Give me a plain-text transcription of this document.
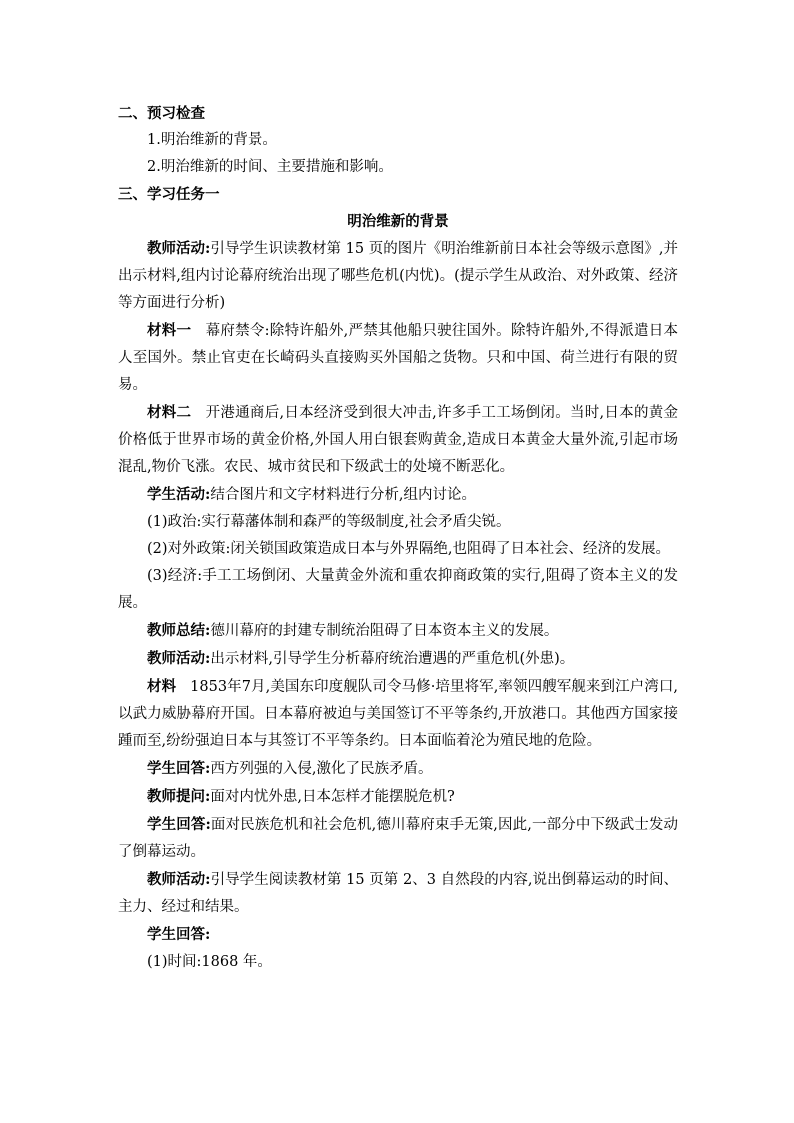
二、预习检查

1.明治维新的背景。

2.明治维新的时间、主要措施和影响。

三、学习任务一

明治维新的背景

教师活动:引导学生识读教材第 15 页的图片《明治维新前日本社会等级示意图》,并出示材料,组内讨论幕府统治出现了哪些危机(内忧)。(提示学生从政治、对外政策、经济等方面进行分析)

材料一 幕府禁令:除特许船外,严禁其他船只驶往国外。除特许船外,不得派遣日本人至国外。禁止官吏在长崎码头直接购买外国船之货物。只和中国、荷兰进行有限的贸易。

材料二 开港通商后,日本经济受到很大冲击,许多手工工场倒闭。当时,日本的黄金价格低于世界市场的黄金价格,外国人用白银套购黄金,造成日本黄金大量外流,引起市场混乱,物价飞涨。农民、城市贫民和下级武士的处境不断恶化。

学生活动:结合图片和文字材料进行分析,组内讨论。

(1)政治:实行幕藩体制和森严的等级制度,社会矛盾尖锐。

(2)对外政策:闭关锁国政策造成日本与外界隔绝,也阻碍了日本社会、经济的发展。

(3)经济:手工工场倒闭、大量黄金外流和重农抑商政策的实行,阻碍了资本主义的发展。

教师总结:德川幕府的封建专制统治阻碍了日本资本主义的发展。

教师活动:出示材料,引导学生分析幕府统治遭遇的严重危机(外患)。

材料 1853年7月,美国东印度舰队司令马修·培里将军,率领四艘军舰来到江户湾口,以武力威胁幕府开国。日本幕府被迫与美国签订不平等条约,开放港口。其他西方国家接踵而至,纷纷强迫日本与其签订不平等条约。日本面临着沦为殖民地的危险。

学生回答:西方列强的入侵,激化了民族矛盾。

教师提问:面对内忧外患,日本怎样才能摆脱危机?

学生回答:面对民族危机和社会危机,德川幕府束手无策,因此,一部分中下级武士发动了倒幕运动。

教师活动:引导学生阅读教材第 15 页第 2、3 自然段的内容,说出倒幕运动的时间、主力、经过和结果。

学生回答:

(1)时间:1868 年。
